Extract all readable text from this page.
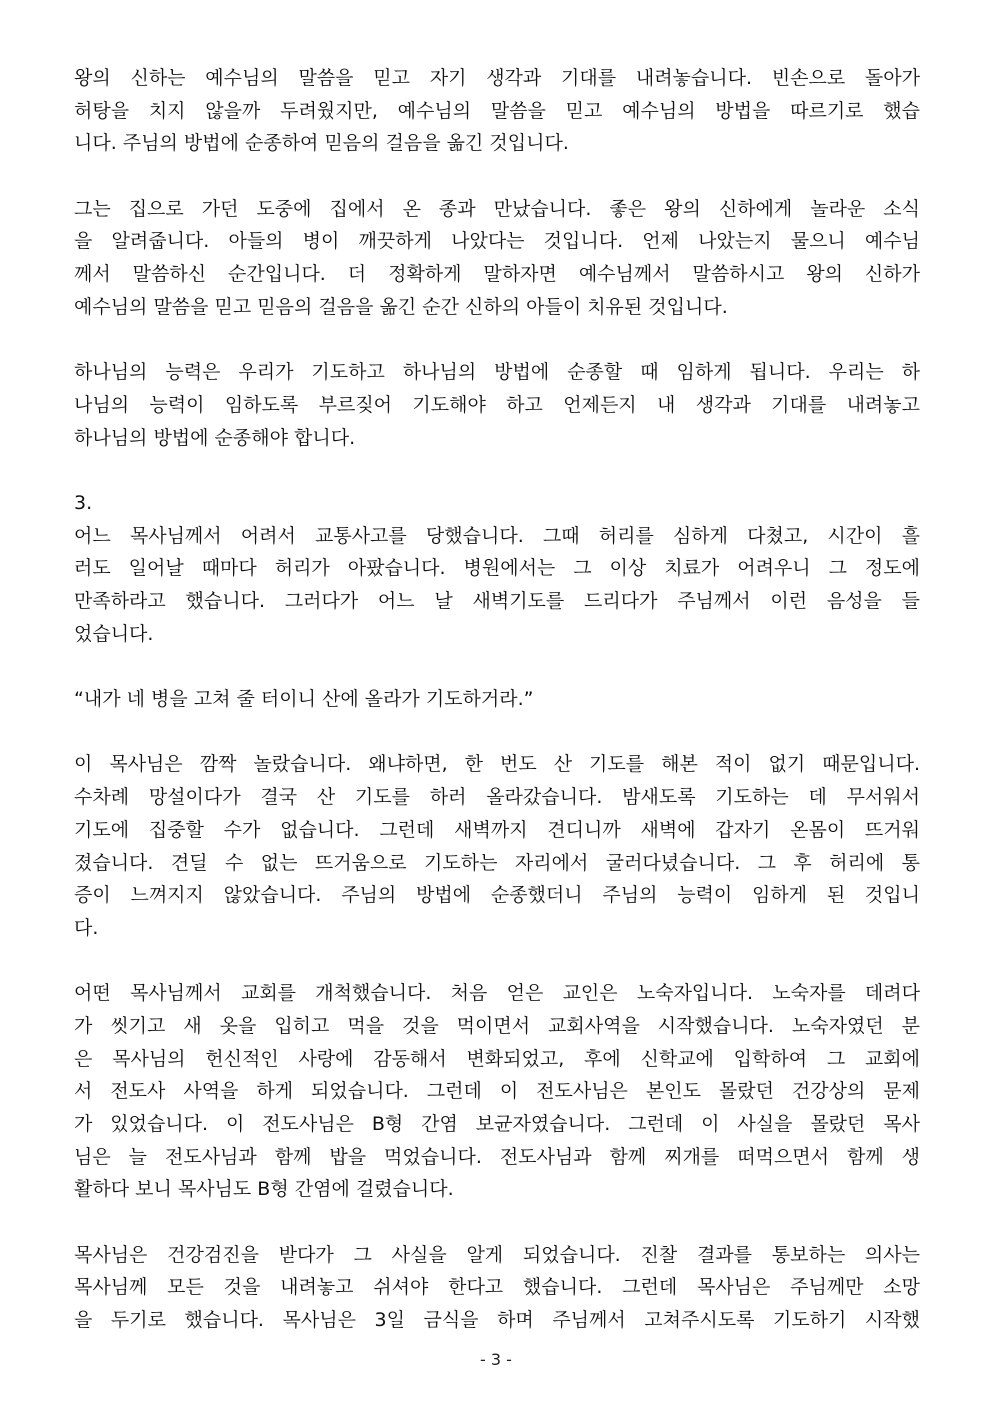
왕의 신하는 예수님의 말씀을 믿고 자기 생각과 기대를 내려놓습니다. 빈손으로 돌아가
허탕을 치지 않을까 두려웠지만, 예수님의 말씀을 믿고 예수님의 방법을 따르기로 했습
니다. 주님의 방법에 순종하여 믿음의 걸음을 옮긴 것입니다.
그는 집으로 가던 도중에 집에서 온 종과 만났습니다. 좋은 왕의 신하에게 놀라운 소식
을 알려줍니다. 아들의 병이 깨끗하게 나았다는 것입니다. 언제 나았는지 물으니 예수님
께서 말씀하신 순간입니다. 더 정확하게 말하자면 예수님께서 말씀하시고 왕의 신하가
예수님의 말씀을 믿고 믿음의 걸음을 옮긴 순간 신하의 아들이 치유된 것입니다.
하나님의 능력은 우리가 기도하고 하나님의 방법에 순종할 때 임하게 됩니다. 우리는 하
나님의 능력이 임하도록 부르짖어 기도해야 하고 언제든지 내 생각과 기대를 내려놓고
하나님의 방법에 순종해야 합니다.
3.
어느 목사님께서 어려서 교통사고를 당했습니다. 그때 허리를 심하게 다쳤고, 시간이 흘
러도 일어날 때마다 허리가 아팠습니다. 병원에서는 그 이상 치료가 어려우니 그 정도에
만족하라고 했습니다. 그러다가 어느 날 새벽기도를 드리다가 주님께서 이런 음성을 들
었습니다.
“내가 네 병을 고쳐 줄 터이니 산에 올라가 기도하거라.”
이 목사님은 깜짝 놀랐습니다. 왜냐하면, 한 번도 산 기도를 해본 적이 없기 때문입니다.
수차례 망설이다가 결국 산 기도를 하러 올라갔습니다. 밤새도록 기도하는 데 무서워서
기도에 집중할 수가 없습니다. 그런데 새벽까지 견디니까 새벽에 갑자기 온몸이 뜨거워
졌습니다. 견딜 수 없는 뜨거움으로 기도하는 자리에서 굴러다녔습니다. 그 후 허리에 통
증이 느껴지지 않았습니다. 주님의 방법에 순종했더니 주님의 능력이 임하게 된 것입니
다.
어떤 목사님께서 교회를 개척했습니다. 처음 얻은 교인은 노숙자입니다. 노숙자를 데려다
가 씻기고 새 옷을 입히고 먹을 것을 먹이면서 교회사역을 시작했습니다. 노숙자였던 분
은 목사님의 헌신적인 사랑에 감동해서 변화되었고, 후에 신학교에 입학하여 그 교회에
서 전도사 사역을 하게 되었습니다. 그런데 이 전도사님은 본인도 몰랐던 건강상의 문제
가 있었습니다. 이 전도사님은 B형 간염 보균자였습니다. 그런데 이 사실을 몰랐던 목사
님은 늘 전도사님과 함께 밥을 먹었습니다. 전도사님과 함께 찌개를 떠먹으면서 함께 생
활하다 보니 목사님도 B형 간염에 걸렸습니다.
목사님은 건강검진을 받다가 그 사실을 알게 되었습니다. 진찰 결과를 통보하는 의사는
목사님께 모든 것을 내려놓고 쉬셔야 한다고 했습니다. 그런데 목사님은 주님께만 소망
을 두기로 했습니다. 목사님은 3일 금식을 하며 주님께서 고쳐주시도록 기도하기 시작했
- 3 -
